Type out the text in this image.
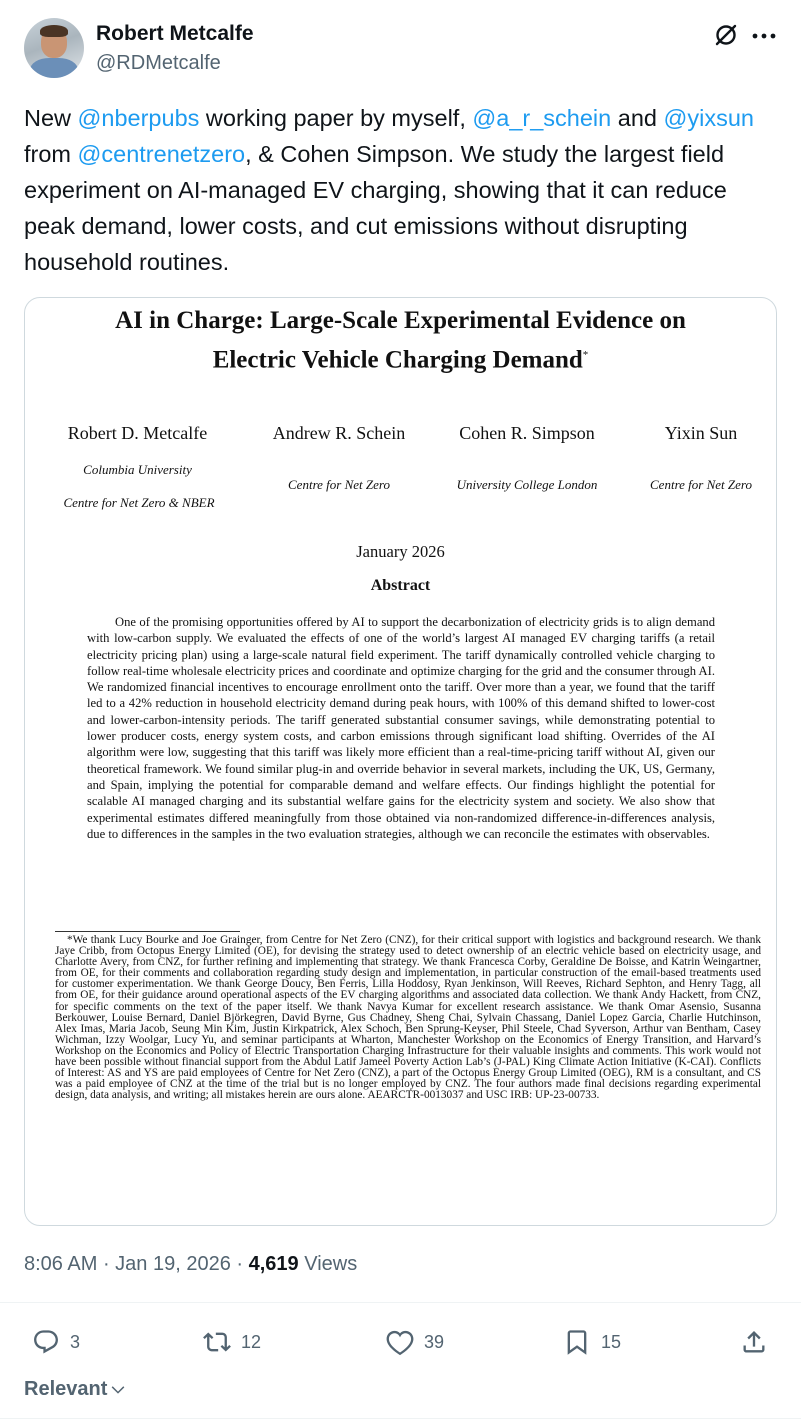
Robert Metcalfe
@RDMetcalfe
New @nberpubs working paper by myself, @a_r_schein and @yixsun from @centrenetzero, & Cohen Simpson. We study the largest field experiment on AI-managed EV charging, showing that it can reduce peak demand, lower costs, and cut emissions without disrupting household routines.
AI in Charge: Large-Scale Experimental Evidence on
Electric Vehicle Charging Demand*
Robert D. Metcalfe
Columbia University
Centre for Net Zero & NBER
Andrew R. Schein
Centre for Net Zero
Cohen R. Simpson
University College London
Yixin Sun
Centre for Net Zero
January 2026
Abstract
One of the promising opportunities offered by AI to support the decarbonization of electricity grids is to align demand with low-carbon supply. We evaluated the effects of one of the world’s largest AI managed EV charging tariffs (a retail electricity pricing plan) using a large-scale natural field experiment. The tariff dynamically controlled vehicle charging to follow real-time wholesale electricity prices and coordinate and optimize charging for the grid and the consumer through AI. We randomized financial incentives to encourage enrollment onto the tariff. Over more than a year, we found that the tariff led to a 42% reduction in household electricity demand during peak hours, with 100% of this demand shifted to lower-cost and lower-carbon-intensity periods. The tariff generated substantial consumer savings, while demonstrating potential to lower producer costs, energy system costs, and carbon emissions through significant load shifting. Overrides of the AI algorithm were low, suggesting that this tariff was likely more efficient than a real-time-pricing tariff without AI, given our theoretical framework. We found similar plug-in and override behavior in several markets, including the UK, US, Germany, and Spain, implying the potential for comparable demand and welfare effects. Our findings highlight the potential for scalable AI managed charging and its substantial welfare gains for the electricity system and society. We also show that experimental estimates differed meaningfully from those obtained via non-randomized difference-in-differences analysis, due to differences in the samples in the two evaluation strategies, although we can reconcile the estimates with observables.
*We thank Lucy Bourke and Joe Grainger, from Centre for Net Zero (CNZ), for their critical support with logistics and background research. We thank Jaye Cribb, from Octopus Energy Limited (OE), for devising the strategy used to detect ownership of an electric vehicle based on electricity usage, and Charlotte Avery, from CNZ, for further refining and implementing that strategy. We thank Francesca Corby, Geraldine De Boisse, and Katrin Weingartner, from OE, for their comments and collaboration regarding study design and implementation, in particular construction of the email-based treatments used for customer experimentation. We thank George Doucy, Ben Ferris, Lilla Hoddosy, Ryan Jenkinson, Will Reeves, Richard Sephton, and Henry Tagg, all from OE, for their guidance around operational aspects of the EV charging algorithms and associated data collection. We thank Andy Hackett, from CNZ, for specific comments on the text of the paper itself. We thank Navya Kumar for excellent research assistance. We thank Omar Asensio, Susanna Berkouwer, Louise Bernard, Daniel Björkegren, David Byrne, Gus Chadney, Sheng Chai, Sylvain Chassang, Daniel Lopez Garcia, Charlie Hutchinson, Alex Imas, Maria Jacob, Seung Min Kim, Justin Kirkpatrick, Alex Schoch, Ben Sprung-Keyser, Phil Steele, Chad Syverson, Arthur van Bentham, Casey Wichman, Izzy Woolgar, Lucy Yu, and seminar participants at Wharton, Manchester Workshop on the Economics of Energy Transition, and Harvard’s Workshop on the Economics and Policy of Electric Transportation Charging Infrastructure for their valuable insights and comments. This work would not have been possible without financial support from the Abdul Latif Jameel Poverty Action Lab’s (J-PAL) King Climate Action Initiative (K-CAI). Conflicts of Interest: AS and YS are paid employees of Centre for Net Zero (CNZ), a part of the Octopus Energy Group Limited (OEG), RM is a consultant, and CS was a paid employee of CNZ at the time of the trial but is no longer employed by CNZ. The four authors made final decisions regarding experimental design, data analysis, and writing; all mistakes herein are ours alone. AEARCTR-0013037 and USC IRB: UP-23-00733.
8:06 AM · Jan 19, 2026 · 4,619 Views
3	12	39	15
Relevant
